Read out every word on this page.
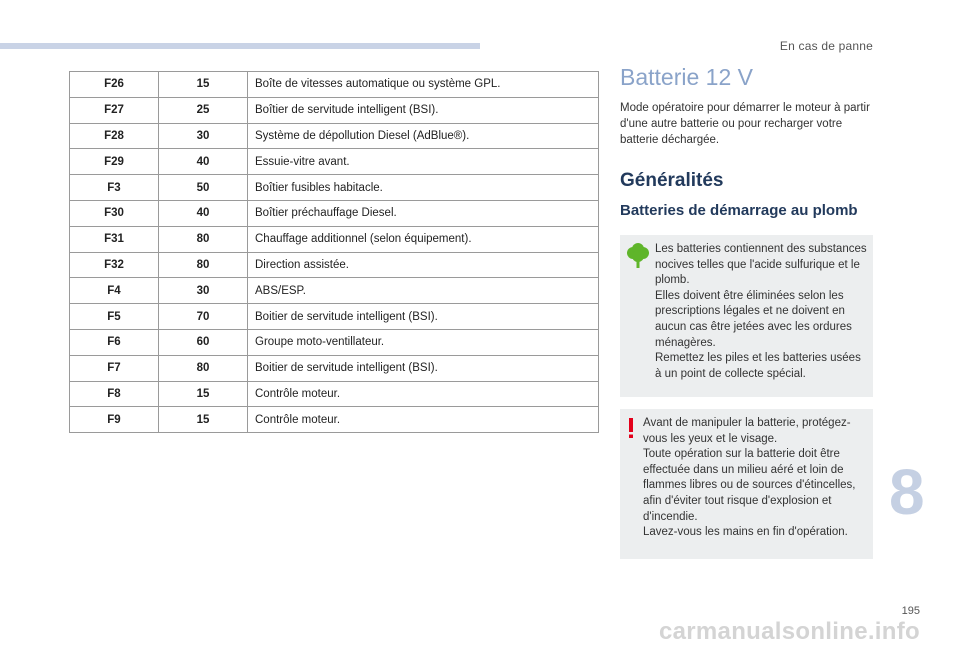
En cas de panne
F26	15	Boîte de vitesses automatique ou système GPL.
F27	25	Boîtier de servitude intelligent (BSI).
F28	30	Système de dépollution Diesel (AdBlue®).
F29	40	Essuie-vitre avant.
F3	50	Boîtier fusibles habitacle.
F30	40	Boîtier préchauffage Diesel.
F31	80	Chauffage additionnel (selon équipement).
F32	80	Direction assistée.
F4	30	ABS/ESP.
F5	70	Boitier de servitude intelligent (BSI).
F6	60	Groupe moto-ventillateur.
F7	80	Boitier de servitude intelligent (BSI).
F8	15	Contrôle moteur.
F9	15	Contrôle moteur.
Batterie 12 V
Mode opératoire pour démarrer le moteur à partir d'une autre batterie ou pour recharger votre batterie déchargée.
Généralités
Batteries de démarrage au plomb
Les batteries contiennent des substances nocives telles que l'acide sulfurique et le plomb.
Elles doivent être éliminées selon les prescriptions légales et ne doivent en aucun cas être jetées avec les ordures ménagères.
Remettez les piles et les batteries usées à un point de collecte spécial.
Avant de manipuler la batterie, protégez-vous les yeux et le visage.
Toute opération sur la batterie doit être effectuée dans un milieu aéré et loin de flammes libres ou de sources d'étincelles, afin d'éviter tout risque d'explosion et d'incendie.
Lavez-vous les mains en fin d'opération.
8
195
carmanualsonline.info
